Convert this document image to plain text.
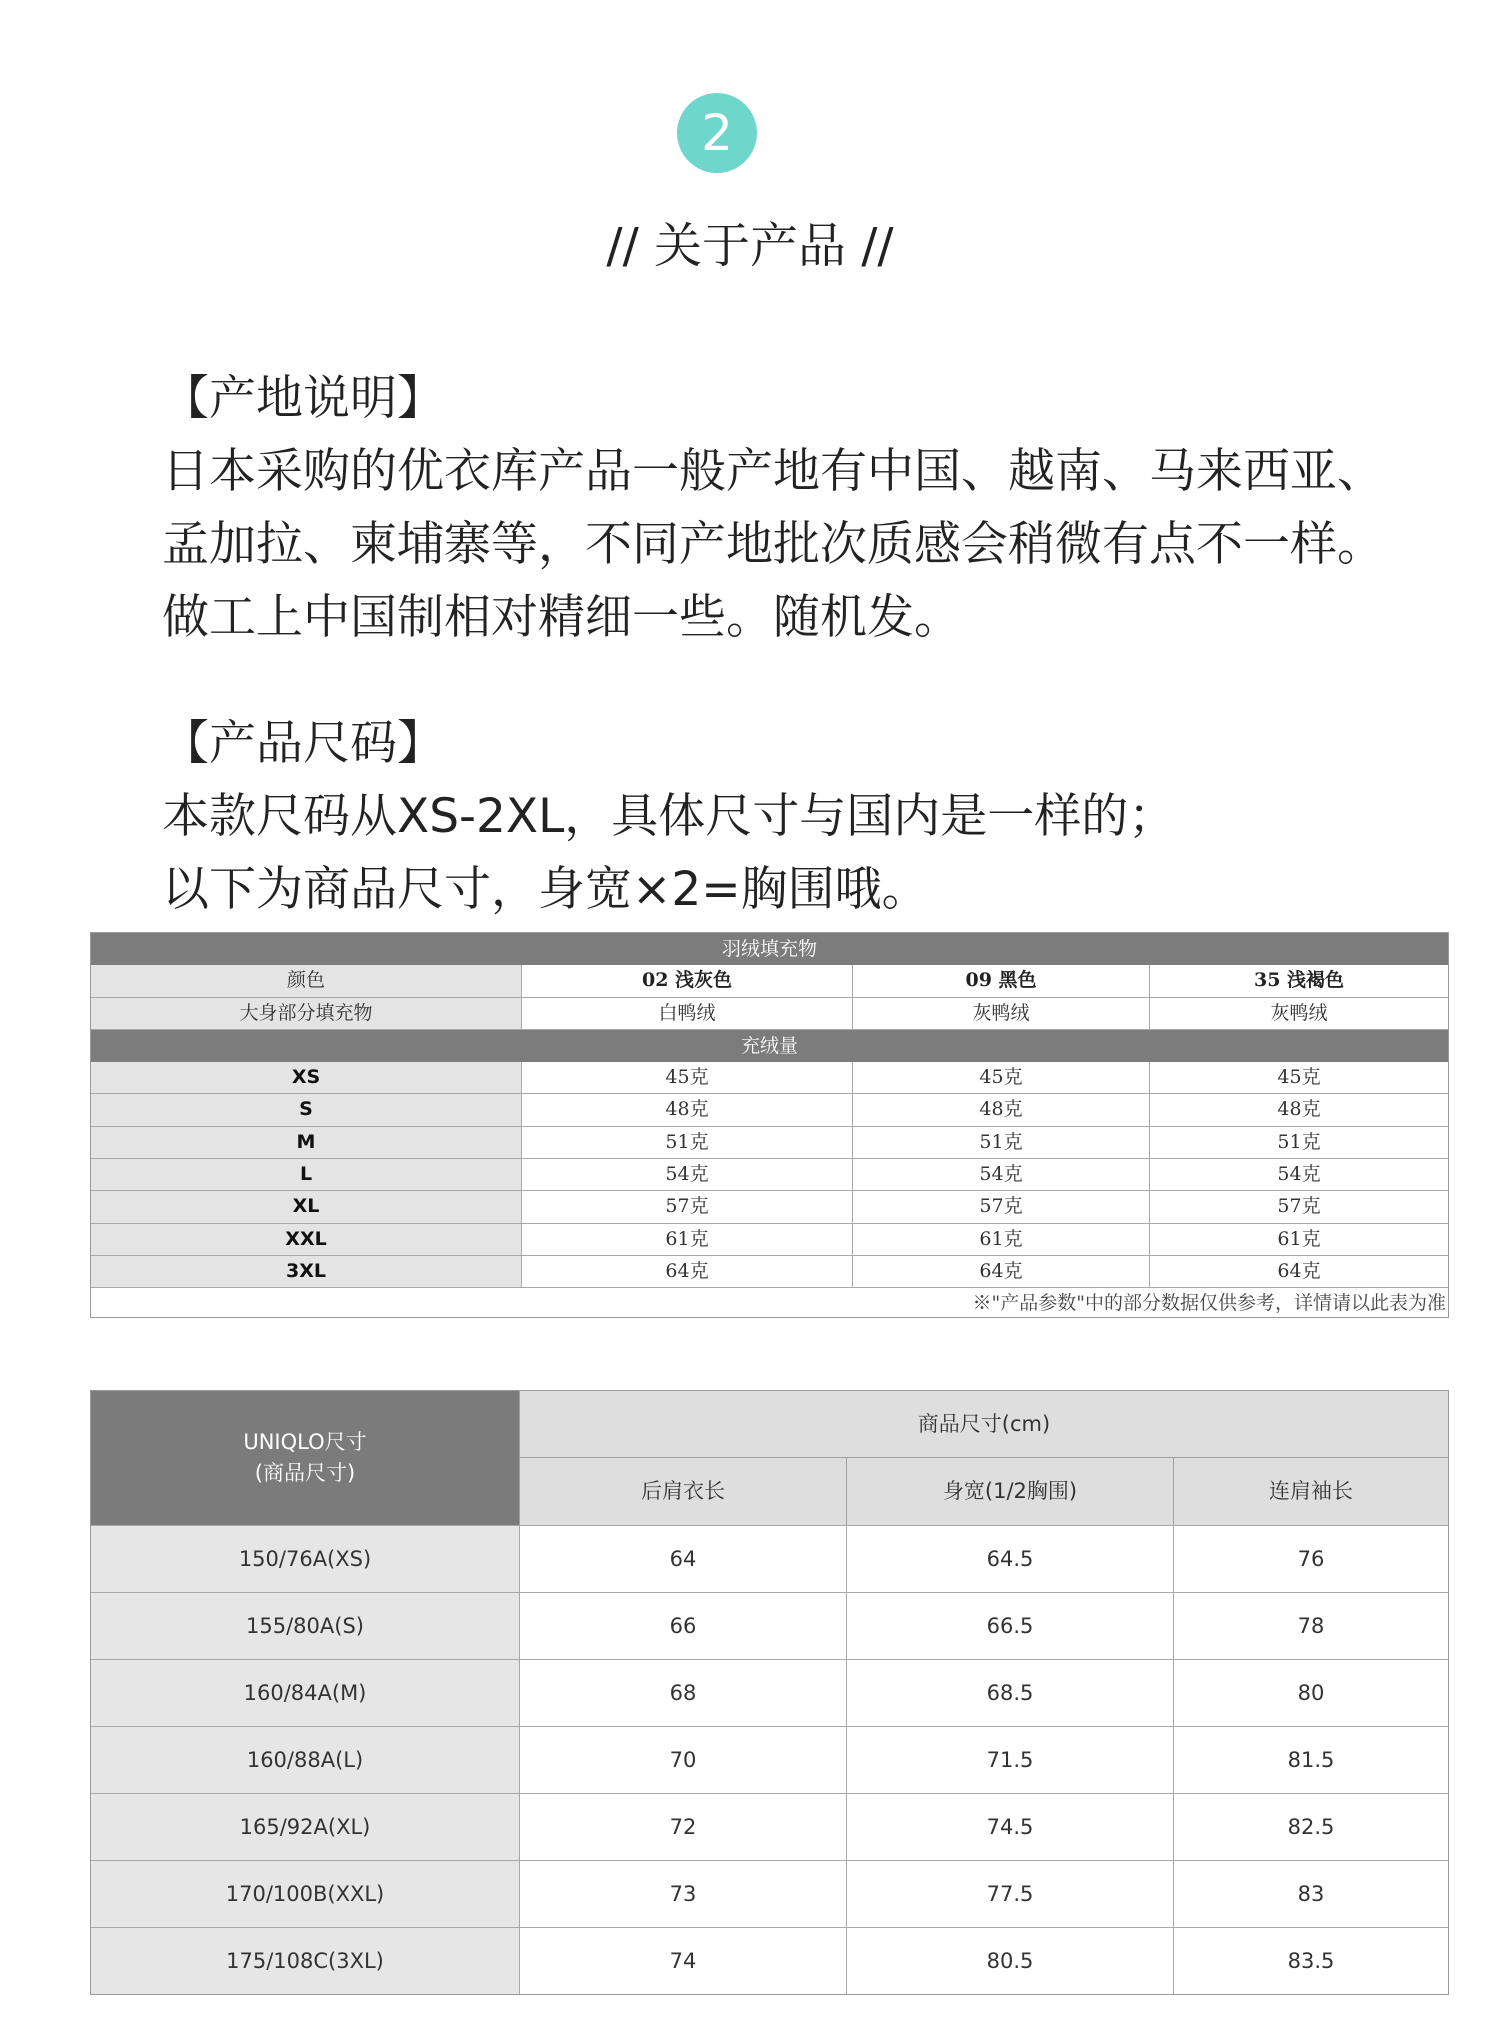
2
// 关于产品 //
【产地说明】
日本采购的优衣库产品一般产地有中国、越南、马来西亚、
孟加拉、柬埔寨等，不同产地批次质感会稍微有点不一样。
做工上中国制相对精细一些。随机发。
【产品尺码】
本款尺码从XS-2XL，具体尺寸与国内是一样的；
以下为商品尺寸，身宽×2=胸围哦。
羽绒填充物
颜色	02 浅灰色	09 黑色	35 浅褐色
大身部分填充物	白鸭绒	灰鸭绒	灰鸭绒
充绒量
XS	45克	45克	45克
S	48克	48克	48克
M	51克	51克	51克
L	54克	54克	54克
XL	57克	57克	57克
XXL	61克	61克	61克
3XL	64克	64克	64克
※"产品参数"中的部分数据仅供参考，详情请以此表为准
UNIQLO尺寸
(商品尺寸)
商品尺寸(cm)
后肩衣长	身宽(1/2胸围)	连肩袖长
150/76A(XS)	64	64.5	76
155/80A(S)	66	66.5	78
160/84A(M)	68	68.5	80
160/88A(L)	70	71.5	81.5
165/92A(XL)	72	74.5	82.5
170/100B(XXL)	73	77.5	83
175/108C(3XL)	74	80.5	83.5
